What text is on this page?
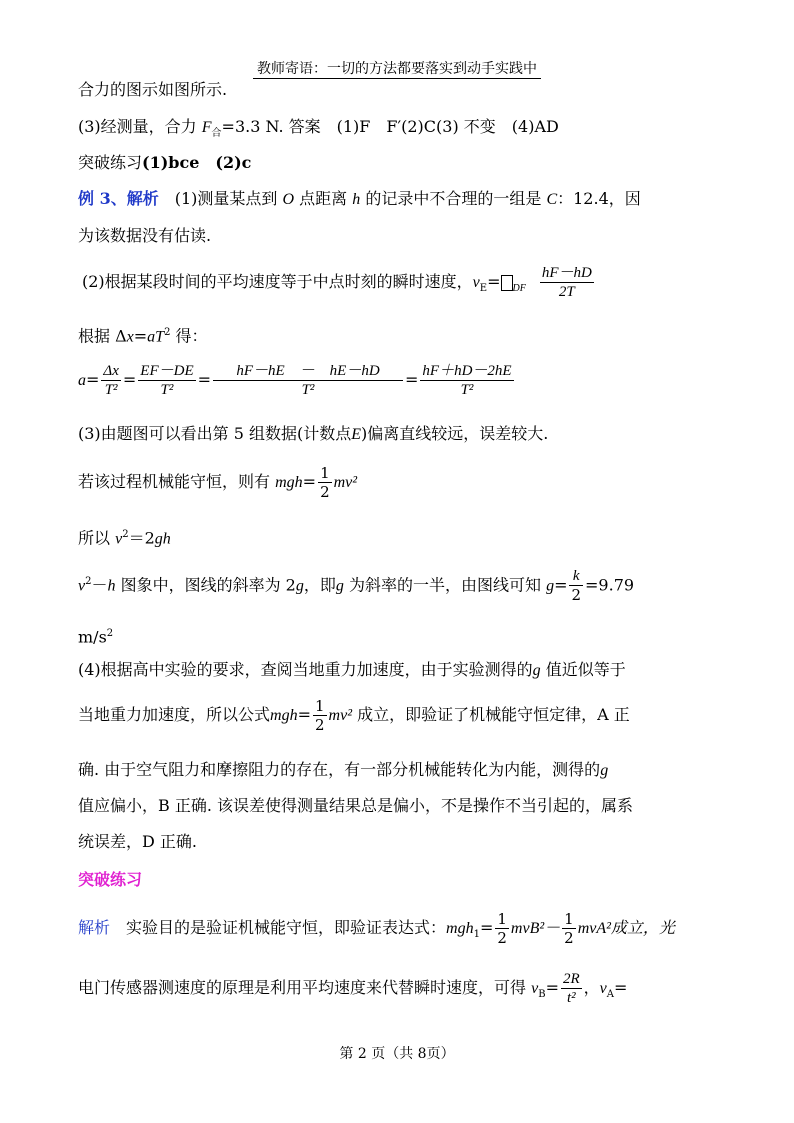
教师寄语：一切的方法都要落实到动手实践中
合力的图示如图所示.
(3)经测量，合力 $F_合=3.3$ N. 答案　(1)F　F′(2)C(3) 不变　(4)AD
突破练习(1)bce　(2)c
例 3、解析　(1)测量某点到 O 点距离 h 的记录中不合理的一组是 C：12.4，因
为该数据没有估读.
(2)根据某段时间的平均速度等于中点时刻的瞬时速度，$v_E= _{DF} \frac{hF-hD}{2T}$
根据 $\Delta x=aT^2$ 得：
$a= \frac{\Delta x}{\text{T²}} = \frac{EF-DE}{\text{T²}} = \frac{hF-hE - hE-hD}{\text{T²}} = \frac{hF+hD-2hE}{\text{T²}}$
(3)由题图可以看出第 5 组数据(计数点E)偏离直线较远，误差较大.
若该过程机械能守恒，则有 $mgh= \frac{1}{2} mv^2$
所以 $v^2=2gh$
$v^2-h$ 图象中，图线的斜率为 2g，即g 为斜率的一半，由图线可知 $g= \frac{k}{2} =9.79$
$m/s^2$
(4)根据高中实验的要求，查阅当地重力加速度，由于实验测得的g 值近似等于
当地重力加速度，所以公式$mgh= \frac{1}{2} mv^2$ 成立，即验证了机械能守恒定律，A 正
确. 由于空气阻力和摩擦阻力的存在，有一部分机械能转化为内能，测得的g
值应偏小，B 正确. 该误差使得测量结果总是偏小，不是操作不当引起的，属系
统误差，D 正确.
突破练习
解析　实验目的是验证机械能守恒，即验证表达式：$mgh_1= \frac{1}{2} mvB^2- \frac{1}{2} mvA^2$成立，光
电门传感器测速度的原理是利用平均速度来代替瞬时速度，可得 $v_B= \frac{2R}{\text{t²}}$ ，$v_A=$
第 2 页（共 8页）
